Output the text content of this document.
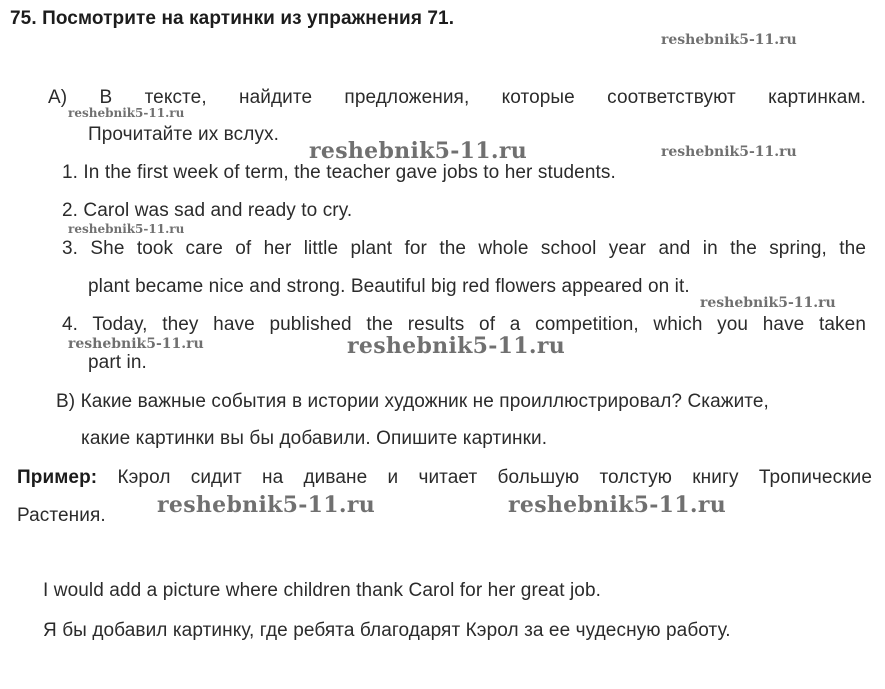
75. Посмотрите на картинки из упражнения 71.
А) В тексте, найдите предложения, которые соответствуют картинкам.
Прочитайте их вслух.
1. In the first week of term, the teacher gave jobs to her students.
2. Carol was sad and ready to cry.
3. She took care of her little plant for the whole school year and in the spring, the
plant became nice and strong. Beautiful big red flowers appeared on it.
4. Today, they have published the results of a competition, which you have taken
part in.
B) Какие важные события в истории художник не проиллюстрировал? Скажите,
какие картинки вы бы добавили. Опишите картинки.
Пример: Кэрол сидит на диване и читает большую толстую книгу Тропические
Растения.
I would add a picture where children thank Carol for her great job.
Я бы добавил картинку, где ребята благодарят Кэрол за ее чудесную работу.
reshebnik5-11.ru
reshebnik5-11.ru
reshebnik5-11.ru	reshebnik5-11.ru
reshebnik5-11.ru
reshebnik5-11.ru
reshebnik5-11.ru	reshebnik5-11.ru
reshebnik5-11.ru	reshebnik5-11.ru
